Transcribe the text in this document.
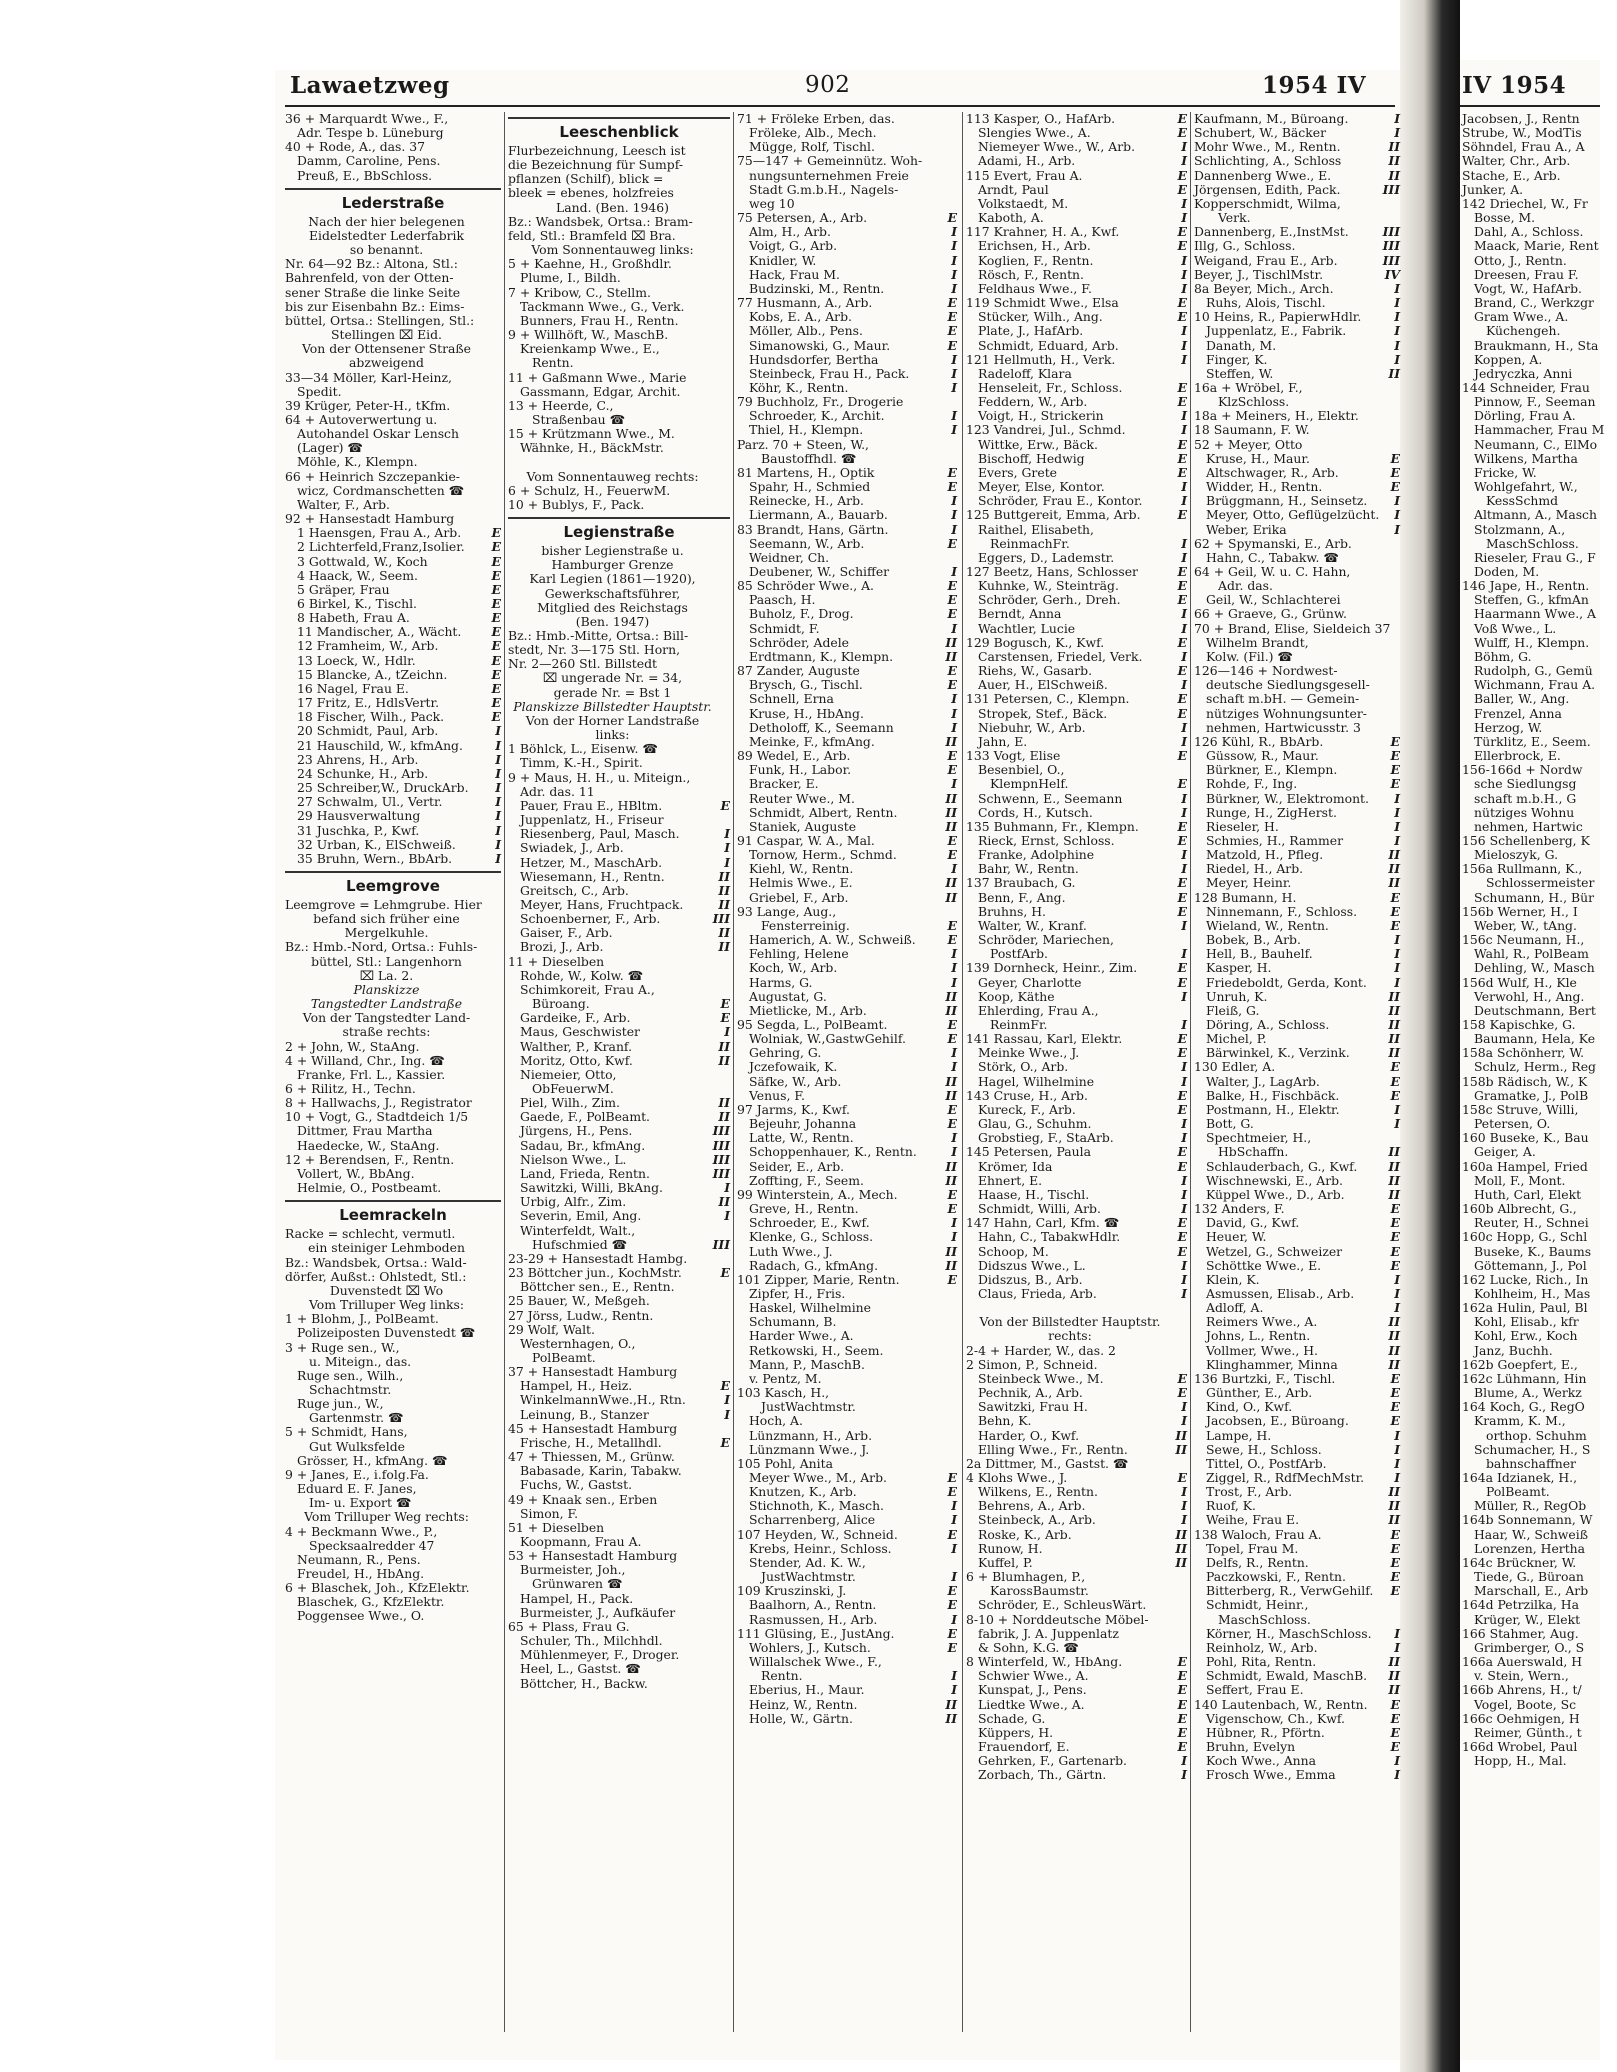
Lawaetzweg	902	1954 IV	IV 1954
36 + Marquardt Wwe., F.,
Adr. Tespe b. Lüneburg
40 + Rode, A., das. 37
Damm, Caroline, Pens.
Preuß, E., BbSchloss.
Lederstraße
Nach der hier belegenen
Eidelstedter Lederfabrik
so benannt.
Nr. 64—92 Bz.: Altona, Stl.:
Bahrenfeld, von der Otten-
sener Straße die linke Seite
bis zur Eisenbahn Bz.: Eims-
büttel, Ortsa.: Stellingen, Stl.:
Stellingen ⌧ Eid.
Von der Ottensener Straße
abzweigend
33—34 Möller, Karl-Heinz,
Spedit.
39 Krüger, Peter-H., tKfm.
64 + Autoverwertung u.
Autohandel Oskar Lensch
(Lager) ☎
Möhle, K., Klempn.
66 + Heinrich Szczepankie-
wicz, Cordmanschetten ☎
Walter, F., Arb.
92 + Hansestadt Hamburg
1 Haensgen, Frau A., Arb.	E
2 Lichterfeld,Franz,Isolier.	E
3 Gottwald, W., Koch	E
4 Haack, W., Seem.	E
5 Gräper, Frau	E
6 Birkel, K., Tischl.	E
8 Habeth, Frau A.	E
11 Mandischer, A., Wächt.	E
12 Framheim, W., Arb.	E
13 Loeck, W., Hdlr.	E
15 Blancke, A., tZeichn.	E
16 Nagel, Frau E.	E
17 Fritz, E., HdlsVertr.	E
18 Fischer, Wilh., Pack.	E
20 Schmidt, Paul, Arb.	I
21 Hauschild, W., kfmAng.	I
23 Ahrens, H., Arb.	I
24 Schunke, H., Arb.	I
25 Schreiber,W., DruckArb.	I
27 Schwalm, Ul., Vertr.	I
29 Hausverwaltung	I
31 Juschka, P., Kwf.	I
32 Urban, K., ElSchweiß.	I
35 Bruhn, Wern., BbArb.	I
Leemgrove
Leemgrove = Lehmgrube. Hier
befand sich früher eine
Mergelkuhle.
Bz.: Hmb.-Nord, Ortsa.: Fuhls-
büttel, Stl.: Langenhorn
⌧ La. 2.
Planskizze
Tangstedter Landstraße
Von der Tangstedter Land-
straße rechts:
2 + John, W., StaAng.
4 + Willand, Chr., Ing. ☎
Franke, Frl. L., Kassier.
6 + Rilitz, H., Techn.
8 + Hallwachs, J., Registrator
10 + Vogt, G., Stadtdeich 1/5
Dittmer, Frau Martha
Haedecke, W., StaAng.
12 + Berendsen, F., Rentn.
Vollert, W., BbAng.
Helmie, O., Postbeamt.
Leemrackeln
Racke = schlecht, vermutl.
ein steiniger Lehmboden
Bz.: Wandsbek, Ortsa.: Wald-
dörfer, Außst.: Ohlstedt, Stl.:
Duvenstedt ⌧ Wo
Vom Trilluper Weg links:
1 + Blohm, J., PolBeamt.
Polizeiposten Duvenstedt ☎
3 + Ruge sen., W.,
u. Miteign., das.
Ruge sen., Wilh.,
Schachtmstr.
Ruge jun., W.,
Gartenmstr. ☎
5 + Schmidt, Hans,
Gut Wulksfelde
Grösser, H., kfmAng. ☎
9 + Janes, E., i.folg.Fa.
Eduard E. F. Janes,
Im- u. Export ☎
Vom Trilluper Weg rechts:
4 + Beckmann Wwe., P.,
Specksaalredder 47
Neumann, R., Pens.
Freudel, H., HbAng.
6 + Blaschek, Joh., KfzElektr.
Blaschek, G., KfzElektr.
Poggensee Wwe., O.
Leeschenblick
Flurbezeichnung, Leesch ist
die Bezeichnung für Sumpf-
pflanzen (Schilf), blick =
bleek = ebenes, holzfreies
Land. (Ben. 1946)
Bz.: Wandsbek, Ortsa.: Bram-
feld, Stl.: Bramfeld ⌧ Bra.
Vom Sonnentauweg links:
5 + Kaehne, H., Großhdlr.
Plume, I., Bildh.
7 + Kribow, C., Stellm.
Tackmann Wwe., G., Verk.
Bunners, Frau H., Rentn.
9 + Willhöft, W., MaschB.
Kreienkamp Wwe., E.,
Rentn.
11 + Gaßmann Wwe., Marie
Gassmann, Edgar, Archit.
13 + Heerde, C.,
Straßenbau ☎
15 + Krützmann Wwe., M.
Wähnke, H., BäckMstr.

Vom Sonnentauweg rechts:
6 + Schulz, H., FeuerwM.
10 + Bublys, F., Pack.
Legienstraße
bisher Legienstraße u.
Hamburger Grenze
Karl Legien (1861—1920),
Gewerkschaftsführer,
Mitglied des Reichstags
(Ben. 1947)
Bz.: Hmb.-Mitte, Ortsa.: Bill-
stedt, Nr. 3—175 Stl. Horn,
Nr. 2—260 Stl. Billstedt
⌧ ungerade Nr. = 34,
gerade Nr. = Bst 1
Planskizze Billstedter Hauptstr.
Von der Horner Landstraße
links:
1 Böhlck, L., Eisenw. ☎
Timm, K.-H., Spirit.
9 + Maus, H. H., u. Miteign.,
Adr. das. 11
Pauer, Frau E., HBltm.	E
Juppenlatz, H., Friseur
Riesenberg, Paul, Masch.	I
Swiadek, J., Arb.	I
Hetzer, M., MaschArb.	I
Wiesemann, H., Rentn.	II
Greitsch, C., Arb.	II
Meyer, Hans, Fruchtpack.	II
Schoenberner, F., Arb.	III
Gaiser, F., Arb.	II
Brozi, J., Arb.	II
11 + Dieselben
Rohde, W., Kolw. ☎
Schimkoreit, Frau A.,
Büroang.	E
Gardeike, F., Arb.	E
Maus, Geschwister	I
Walther, P., Kranf.	II
Moritz, Otto, Kwf.	II
Niemeier, Otto,
ObFeuerwM.
Piel, Wilh., Zim.	II
Gaede, F., PolBeamt.	II
Jürgens, H., Pens.	III
Sadau, Br., kfmAng.	III
Nielson Wwe., L.	III
Land, Frieda, Rentn.	III
Sawitzki, Willi, BkAng.	I
Urbig, Alfr., Zim.	II
Severin, Emil, Ang.	I
Winterfeldt, Walt.,
Hufschmied ☎	III
23-29 + Hansestadt Hambg.
23 Böttcher jun., KochMstr.	E
Böttcher sen., E., Rentn.
25 Bauer, W., Meßgeh.
27 Jörss, Ludw., Rentn.
29 Wolf, Walt.
Westernhagen, O.,
PolBeamt.
37 + Hansestadt Hamburg
Hampel, H., Heiz.	E
WinkelmannWwe.,H., Rtn.	I
Leinung, B., Stanzer	I
45 + Hansestadt Hamburg
Frische, H., Metallhdl.	E
47 + Thiessen, M., Grünw.
Babasade, Karin, Tabakw.
Fuchs, W., Gastst.
49 + Knaak sen., Erben
Simon, F.
51 + Dieselben
Koopmann, Frau A.
53 + Hansestadt Hamburg
Burmeister, Joh.,
Grünwaren ☎
Hampel, H., Pack.
Burmeister, J., Aufkäufer
65 + Plass, Frau G.
Schuler, Th., Milchhdl.
Mühlenmeyer, F., Droger.
Heel, L., Gastst. ☎
Böttcher, H., Backw.
71 + Fröleke Erben, das.
Fröleke, Alb., Mech.
Mügge, Rolf, Tischl.
75—147 + Gemeinnütz. Woh-
nungsunternehmen Freie
Stadt G.m.b.H., Nagels-
weg 10
75 Petersen, A., Arb.	E
Alm, H., Arb.	I
Voigt, G., Arb.	I
Knidler, W.	I
Hack, Frau M.	I
Budzinski, M., Rentn.	I
77 Husmann, A., Arb.	E
Kobs, E. A., Arb.	E
Möller, Alb., Pens.	E
Simanowski, G., Maur.	E
Hundsdorfer, Bertha	I
Steinbeck, Frau H., Pack.	I
Köhr, K., Rentn.	I
79 Buchholz, Fr., Drogerie
Schroeder, K., Archit.	I
Thiel, H., Klempn.	I
Parz. 70 + Steen, W.,
Baustoffhdl. ☎
81 Martens, H., Optik	E
Spahr, H., Schmied	E
Reinecke, H., Arb.	I
Liermann, A., Bauarb.	I
83 Brandt, Hans, Gärtn.	I
Seemann, W., Arb.	E
Weidner, Ch.
Deubener, W., Schiffer	I
85 Schröder Wwe., A.	E
Paasch, H.	E
Buholz, F., Drog.	E
Schmidt, F.	I
Schröder, Adele	II
Erdtmann, K., Klempn.	II
87 Zander, Auguste	E
Brysch, G., Tischl.	E
Schnell, Erna	I
Kruse, H., HbAng.	I
Detholoff, K., Seemann	I
Meinke, F., kfmAng.	II
89 Wedel, E., Arb.	E
Funk, H., Labor.	E
Bracker, E.	I
Reuter Wwe., M.	II
Schmidt, Albert, Rentn.	II
Staniek, Auguste	II
91 Caspar, W. A., Mal.	E
Tornow, Herm., Schmd.	E
Kiehl, W., Rentn.	I
Helmis Wwe., E.	II
Griebel, F., Arb.	II
93 Lange, Aug.,
Fensterreinig.	E
Hamerich, A. W., Schweiß.	E
Fehling, Helene	I
Koch, W., Arb.	I
Harms, G.	I
Augustat, G.	II
Mietlicke, M., Arb.	II
95 Segda, L., PolBeamt.	E
Wolniak, W.,GastwGehilf.	E
Gehring, G.	I
Jczefowaik, K.	I
Säfke, W., Arb.	II
Venus, F.	II
97 Jarms, K., Kwf.	E
Bejeuhr, Johanna	E
Latte, W., Rentn.	I
Schoppenhauer, K., Rentn.	I
Seider, E., Arb.	II
Zoffting, F., Seem.	II
99 Winterstein, A., Mech.	E
Greve, H., Rentn.	E
Schroeder, E., Kwf.	I
Klenke, G., Schloss.	I
Luth Wwe., J.	II
Radach, G., kfmAng.	II
101 Zipper, Marie, Rentn.	E
Zipfer, H., Fris.
Haskel, Wilhelmine
Schumann, B.
Harder Wwe., A.
Retkowski, H., Seem.
Mann, P., MaschB.
v. Pentz, M.
103 Kasch, H.,
JustWachtmstr.
Hoch, A.
Lünzmann, H., Arb.
Lünzmann Wwe., J.
105 Pohl, Anita
Meyer Wwe., M., Arb.	E
Knutzen, K., Arb.	E
Stichnoth, K., Masch.	I
Scharrenberg, Alice	I
107 Heyden, W., Schneid.	E
Krebs, Heinr., Schloss.	I
Stender, Ad. K. W.,
JustWachtmstr.	I
109 Kruszinski, J.	E
Baalhorn, A., Rentn.	E
Rasmussen, H., Arb.	I
111 Glüsing, E., JustAng.	E
Wohlers, J., Kutsch.	E
Willalschek Wwe., F.,
Rentn.	I
Eberius, H., Maur.	I
Heinz, W., Rentn.	II
Holle, W., Gärtn.	II
113 Kasper, O., HafArb.	E
Slengies Wwe., A.	E
Niemeyer Wwe., W., Arb.	I
Adami, H., Arb.	I
115 Evert, Frau A.	E
Arndt, Paul	E
Volkstaedt, M.	I
Kaboth, A.	I
117 Krahner, H. A., Kwf.	E
Erichsen, H., Arb.	E
Koglien, F., Rentn.	I
Rösch, F., Rentn.	I
Feldhaus Wwe., F.	I
119 Schmidt Wwe., Elsa	E
Stücker, Wilh., Ang.	E
Plate, J., HafArb.	I
Schmidt, Eduard, Arb.	I
121 Hellmuth, H., Verk.	I
Radeloff, Klara
Henseleit, Fr., Schloss.	E
Feddern, W., Arb.	E
Voigt, H., Strickerin	I
123 Vandrei, Jul., Schmd.	I
Wittke, Erw., Bäck.	E
Bischoff, Hedwig	E
Evers, Grete	E
Meyer, Else, Kontor.	I
Schröder, Frau E., Kontor.	I
125 Buttgereit, Emma, Arb.	E
Raithel, Elisabeth,
ReinmachFr.	I
Eggers, D., Lademstr.	I
127 Beetz, Hans, Schlosser	E
Kuhnke, W., Steinträg.	E
Schröder, Gerh., Dreh.	E
Berndt, Anna	I
Wachtler, Lucie	I
129 Bogusch, K., Kwf.	E
Carstensen, Friedel, Verk.	I
Riehs, W., Gasarb.	E
Auer, H., ElSchweiß.	I
131 Petersen, C., Klempn.	E
Stropek, Stef., Bäck.	E
Niebuhr, W., Arb.	I
Jahn, E.	I
133 Vogt, Elise	E
Besenbiel, O.,
KlempnHelf.	E
Schwenn, E., Seemann	I
Cords, H., Kutsch.	I
135 Buhmann, Fr., Klempn.	E
Rieck, Ernst, Schloss.	E
Franke, Adolphine	I
Bahr, W., Rentn.	I
137 Braubach, G.	E
Benn, F., Ang.	E
Bruhns, H.	E
Walter, W., Kranf.	I
Schröder, Mariechen,
PostfArb.	I
139 Dornheck, Heinr., Zim.	E
Geyer, Charlotte	E
Koop, Käthe	I
Ehlerding, Frau A.,
ReinmFr.	I
141 Rassau, Karl, Elektr.	E
Meinke Wwe., J.	E
Störk, O., Arb.	I
Hagel, Wilhelmine	I
143 Cruse, H., Arb.	E
Kureck, F., Arb.	E
Glau, G., Schuhm.	I
Grobstieg, F., StaArb.	I
145 Petersen, Paula	E
Krömer, Ida	E
Ehnert, E.	I
Haase, H., Tischl.	I
Schmidt, Willi, Arb.	I
147 Hahn, Carl, Kfm. ☎	E
Hahn, C., TabakwHdlr.	E
Schoop, M.	E
Didszus Wwe., L.	I
Didszus, B., Arb.	I
Claus, Frieda, Arb.	I

Von der Billstedter Hauptstr.
rechts:
2-4 + Harder, W., das. 2
2 Simon, P., Schneid.
Steinbeck Wwe., M.	E
Pechnik, A., Arb.	E
Sawitzki, Frau H.	I
Behn, K.	I
Harder, O., Kwf.	II
Elling Wwe., Fr., Rentn.	II
2a Dittmer, M., Gastst. ☎
4 Klohs Wwe., J.	E
Wilkens, E., Rentn.	I
Behrens, A., Arb.	I
Steinbeck, A., Arb.	I
Roske, K., Arb.	II
Runow, H.	II
Kuffel, P.	II
6 + Blumhagen, P.,
KarossBaumstr.
Schröder, E., SchleusWärt.
8-10 + Norddeutsche Möbel-
fabrik, J. A. Juppenlatz
& Sohn, K.G. ☎
8 Winterfeld, W., HbAng.	E
Schwier Wwe., A.	E
Kunspat, J., Pens.	E
Liedtke Wwe., A.	E
Schade, G.	E
Küppers, H.	E
Frauendorf, E.	E
Gehrken, F., Gartenarb.	I
Zorbach, Th., Gärtn.	I
Kaufmann, M., Büroang.	I
Schubert, W., Bäcker	I
Mohr Wwe., M., Rentn.	II
Schlichting, A., Schloss	II
Dannenberg Wwe., E.	II
Jörgensen, Edith, Pack.	III
Kopperschmidt, Wilma,
Verk.
Dannenberg, E.,InstMst.	III
Illg, G., Schloss.	III
Weigand, Frau E., Arb.	III
Beyer, J., TischlMstr.	IV
8a Beyer, Mich., Arch.	I
Ruhs, Alois, Tischl.	I
10 Heins, R., PapierwHdlr.	I
Juppenlatz, E., Fabrik.	I
Danath, M.	I
Finger, K.	I
Steffen, W.	II
16a + Wröbel, F.,
KlzSchloss.
18a + Meiners, H., Elektr.
18 Saumann, F. W.
52 + Meyer, Otto
Kruse, H., Maur.	E
Altschwager, R., Arb.	E
Widder, H., Rentn.	E
Brüggmann, H., Seinsetz.	I
Meyer, Otto, Geflügelzücht.	I
Weber, Erika	I
62 + Spymanski, E., Arb.
Hahn, C., Tabakw. ☎
64 + Geil, W. u. C. Hahn,
Adr. das.
Geil, W., Schlachterei
66 + Graeve, G., Grünw.
70 + Brand, Elise, Sieldeich 37
Wilhelm Brandt,
Kolw. (Fil.) ☎
126—146 + Nordwest-
deutsche Siedlungsgesell-
schaft m.bH. — Gemein-
nütziges Wohnungsunter-
nehmen, Hartwicusstr. 3
126 Kühl, R., BbArb.	E
Güssow, R., Maur.	E
Bürkner, E., Klempn.	E
Rohde, F., Ing.	E
Bürkner, W., Elektromont.	I
Runge, H., ZigHerst.	I
Rieseler, H.	I
Schmies, H., Rammer	I
Matzold, H., Pfleg.	II
Riedel, H., Arb.	II
Meyer, Heinr.	II
128 Bumann, H.	E
Ninnemann, F., Schloss.	E
Wieland, W., Rentn.	E
Bobek, B., Arb.	I
Hell, B., Bauhelf.	I
Kasper, H.	I
Friedeboldt, Gerda, Kont.	I
Unruh, K.	II
Fleiß, G.	II
Döring, A., Schloss.	II
Michel, P.	II
Bärwinkel, K., Verzink.	II
130 Edler, A.	E
Walter, J., LagArb.	E
Balke, H., Fischbäck.	E
Postmann, H., Elektr.	I
Bott, G.	I
Spechtmeier, H.,
HbSchaffn.	II
Schlauderbach, G., Kwf.	II
Wischnewski, E., Arb.	II
Küppel Wwe., D., Arb.	II
132 Anders, F.	E
David, G., Kwf.	E
Heuer, W.	E
Wetzel, G., Schweizer	E
Schöttke Wwe., E.	E
Klein, K.	I
Asmussen, Elisab., Arb.	I
Adloff, A.	I
Reimers Wwe., A.	II
Johns, L., Rentn.	II
Vollmer, Wwe., H.	II
Klinghammer, Minna	II
136 Burtzki, F., Tischl.	E
Günther, E., Arb.	E
Kind, O., Kwf.	E
Jacobsen, E., Büroang.	E
Lampe, H.	I
Sewe, H., Schloss.	I
Tittel, O., PostfArb.	I
Ziggel, R., RdfMechMstr.	I
Trost, F., Arb.	II
Ruof, K.	II
Weihe, Frau E.	II
138 Waloch, Frau A.	E
Topel, Frau M.	E
Delfs, R., Rentn.	E
Paczkowski, F., Rentn.	E
Bitterberg, R., VerwGehilf.	E
Schmidt, Heinr.,
MaschSchloss.
Körner, H., MaschSchloss.	I
Reinholz, W., Arb.	I
Pohl, Rita, Rentn.	II
Schmidt, Ewald, MaschB.	II
Seffert, Frau E.	II
140 Lautenbach, W., Rentn.	E
Vigenschow, Ch., Kwf.	E
Hübner, R., Pförtn.	E
Bruhn, Evelyn	E
Koch Wwe., Anna	I
Frosch Wwe., Emma	I
Jacobsen, J., Rentn
Strube, W., ModTis
Söhndel, Frau A., A
Walter, Chr., Arb.
Stache, E., Arb.
Junker, A.
142 Driechel, W., Fr
Bosse, M.
Dahl, A., Schloss.
Maack, Marie, Rent
Otto, J., Rentn.
Dreesen, Frau F.
Vogt, W., HafArb.
Brand, C., Werkzgr
Gram Wwe., A.
Küchengeh.
Braukmann, H., Sta
Koppen, A.
Jedryczka, Anni
144 Schneider, Frau
Pinnow, F., Seeman
Dörling, Frau A.
Hammacher, Frau M
Neumann, C., ElMo
Wilkens, Martha
Fricke, W.
Wohlgefahrt, W.,
KessSchmd
Altmann, A., Masch
Stolzmann, A.,
MaschSchloss.
Rieseler, Frau G., F
Doden, M.
146 Jape, H., Rentn.
Steffen, G., kfmAn
Haarmann Wwe., A
Voß Wwe., L.
Wulff, H., Klempn.
Böhm, G.
Rudolph, G., Gemü
Wichmann, Frau A.
Baller, W., Ang.
Frenzel, Anna
Herzog, W.
Türklitz, E., Seem.
Ellerbrock, E.
156-166d + Nordw
sche Siedlungsg
schaft m.b.H., G
nütziges Wohnu
nehmen, Hartwic
156 Schellenberg, K
Mieloszyk, G.
156a Rullmann, K.,
Schlossermeister
Schumann, H., Bür
156b Werner, H., I
Weber, W., tAng.
156c Neumann, H.,
Wahl, R., PolBeam
Dehling, W., Masch
156d Wulf, H., Kle
Verwohl, H., Ang.
Deutschmann, Bert
158 Kapischke, G.
Baumann, Hela, Ke
158a Schönherr, W.
Schulz, Herm., Reg
158b Rädisch, W., K
Gramatke, J., PolB
158c Struve, Willi,
Petersen, O.
160 Buseke, K., Bau
Geiger, A.
160a Hampel, Fried
Moll, F., Mont.
Huth, Carl, Elekt
160b Albrecht, G.,
Reuter, H., Schnei
160c Hopp, G., Schl
Buseke, K., Baums
Göttemann, J., Pol
162 Lucke, Rich., In
Kohlheim, H., Mas
162a Hulin, Paul, Bl
Kohl, Elisab., kfr
Kohl, Erw., Koch
Janz, Buchh.
162b Goepfert, E.,
162c Lühmann, Hin
Blume, A., Werkz
164 Koch, G., RegO
Kramm, K. M.,
orthop. Schuhm
Schumacher, H., S
bahnschaffner
164a Idzianek, H.,
PolBeamt.
Müller, R., RegOb
164b Sonnemann, W
Haar, W., Schweiß
Lorenzen, Hertha
164c Brückner, W.
Tiede, G., Büroan
Marschall, E., Arb
164d Petrzilka, Ha
Krüger, W., Elekt
166 Stahmer, Aug.
Grimberger, O., S
166a Auerswald, H
v. Stein, Wern.,
166b Ahrens, H., t/
Vogel, Boote, Sc
166c Oehmigen, H
Reimer, Günth., t
166d Wrobel, Paul
Hopp, H., Mal.
